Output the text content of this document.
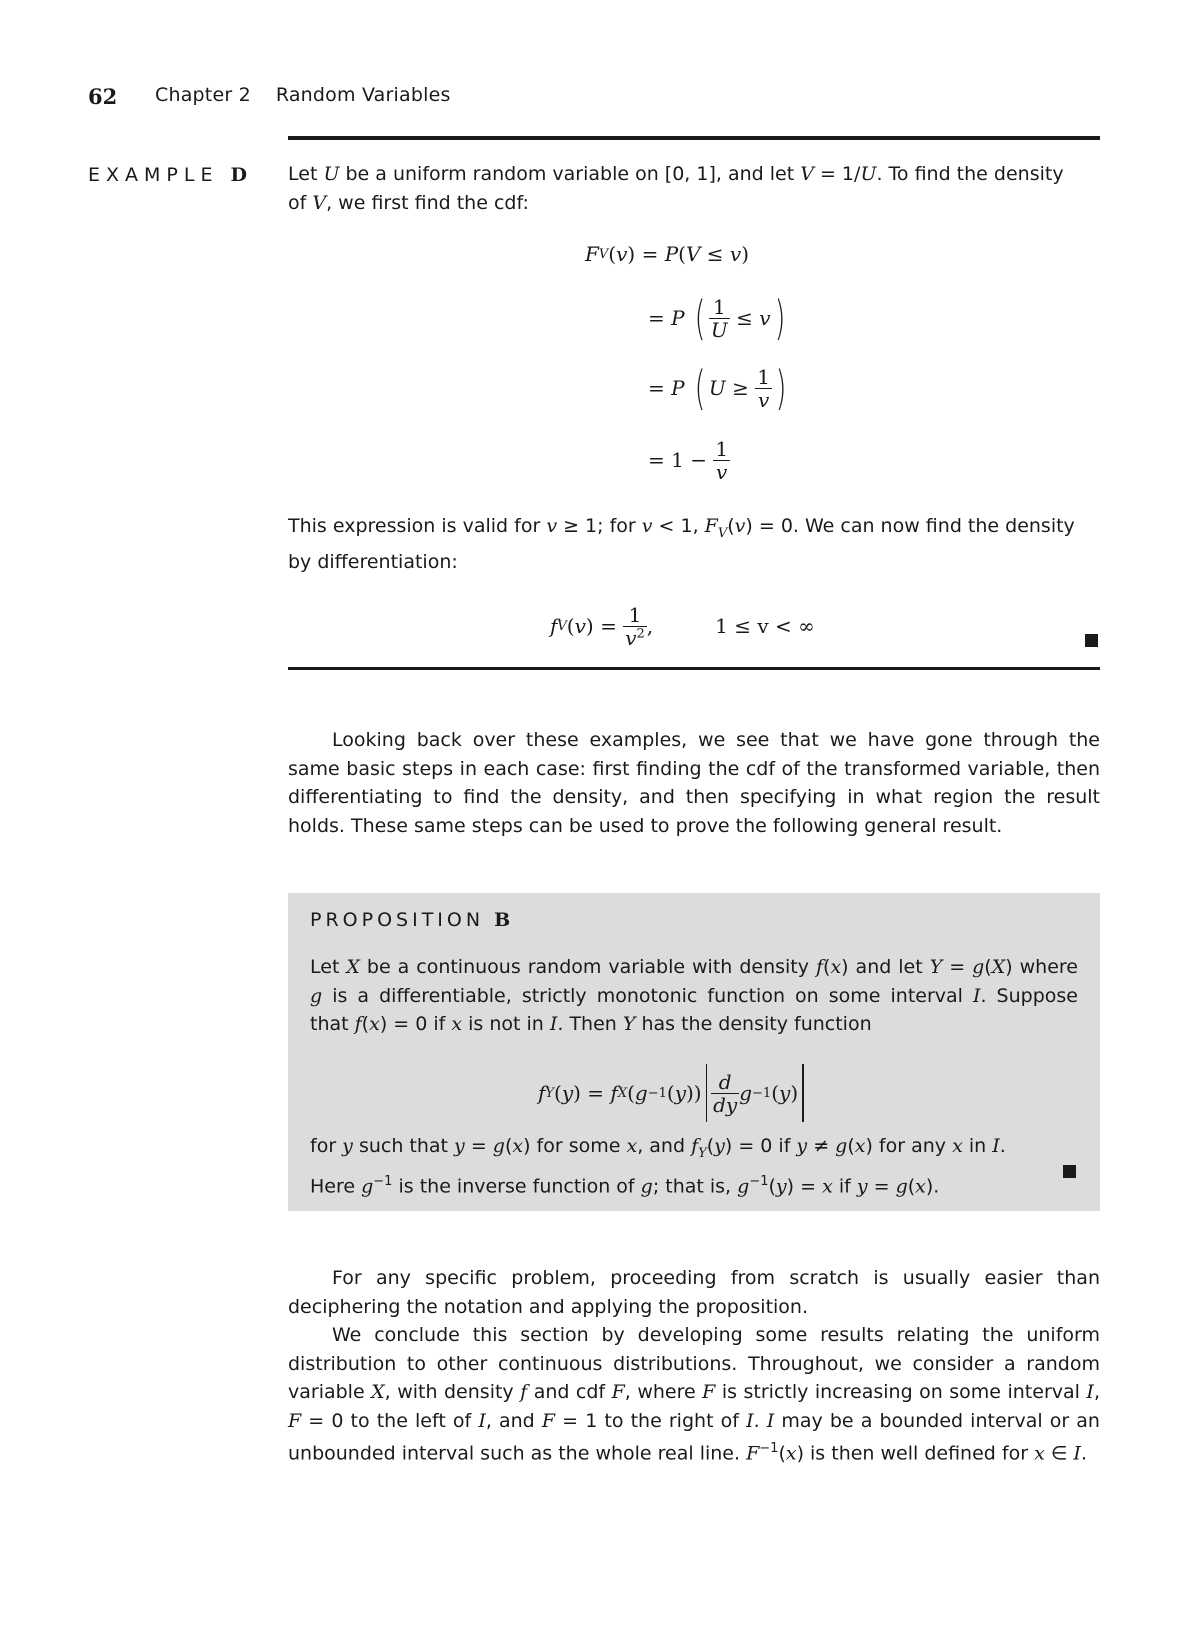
62 Chapter 2    Random Variables
EXAMPLE D Let U be a uniform random variable on [0, 1], and let V = 1/U. To find the density
of V, we first find the cdf:
F V ( v ) =
P ( V ≤ v )
= P
( $\frac{1}{U} \le v$ )
= P
( $U \ge \frac{1}{v}$ )
= $1 - \frac{1}{v}$
This expression is valid for v ≥ 1; for v < 1, $F_V(v) = 0$. We can now find the density
by differentiation:
f V ( v ) = $\frac{1}{v^2}$ ,	1 ≤ v < ∞
Looking back over these examples, we see that we have gone through the same basic steps in each case: first finding the cdf of the transformed variable, then differentiating to find the density, and then specifying in what region the result holds. These same steps can be used to prove the following general result.
PROPOSITION B
Let X be a continuous random variable with density f(x) and let Y = g(X) where g is a differentiable, strictly monotonic function on some interval I. Suppose that f(x) = 0 if x is not in I. Then Y has the density function
f Y ( y ) = f X ( g −1 ( y )) $\frac{d}{dy}$ g −1 ( y )
for y such that y = g(x) for some x, and $f_Y(y) = 0$ if y ≠ g(x) for any x in I.
Here $g^{-1}$ is the inverse function of g; that is, $g^{-1}(y) = x$ if y = g(x).
For any specific problem, proceeding from scratch is usually easier than deciphering the notation and applying the proposition.
We conclude this section by developing some results relating the uniform distribution to other continuous distributions. Throughout, we consider a random variable X, with density f and cdf F, where F is strictly increasing on some interval I, F = 0 to the left of I, and F = 1 to the right of I. I may be a bounded interval or an unbounded interval such as the whole real line. $F^{-1}(x)$ is then well defined for x ∈ I.
